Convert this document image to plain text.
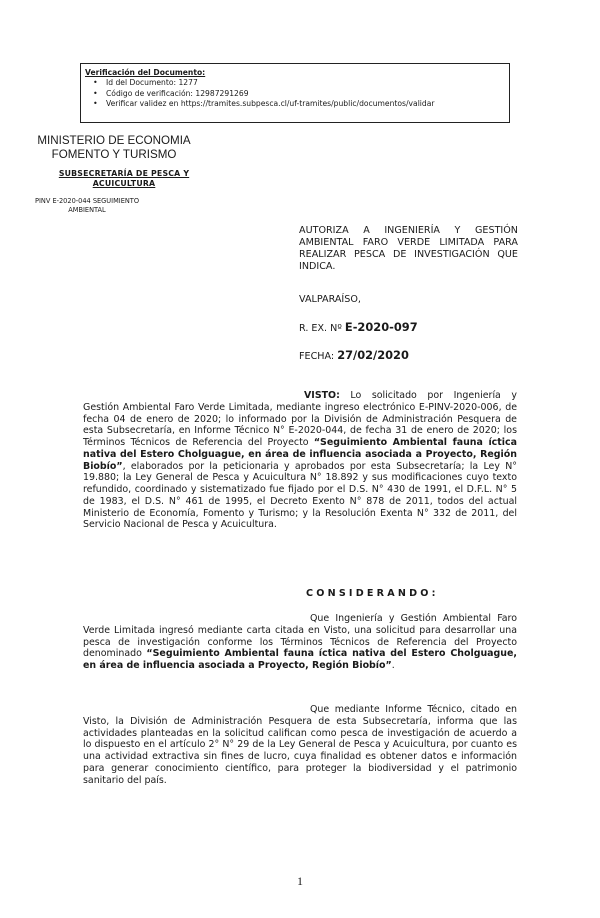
Verificación del Documento:
• Id del Documento: 1277
• Código de verificación: 12987291269
• Verificar validez en https://tramites.subpesca.cl/uf-tramites/public/documentos/validar
MINISTERIO DE ECONOMIA
FOMENTO Y TURISMO
SUBSECRETARÍA DE PESCA Y
ACUICULTURA
PINV E-2020-044 SEGUIMIENTO
AMBIENTAL
AUTORIZA A INGENIERÍA Y GESTIÓN AMBIENTAL FARO VERDE LIMITADA PARA REALIZAR PESCA DE INVESTIGACIÓN QUE INDICA.
VALPARAÍSO,
R. EX. Nº E-2020-097
FECHA: 27/02/2020

VISTO: Lo solicitado por Ingeniería y Gestión Ambiental Faro Verde Limitada, mediante ingreso electrónico E-PINV-2020-006, de fecha 04 de enero de 2020; lo informado por la División de Administración Pesquera de esta Subsecretaría, en Informe Técnico N° E-2020-044, de fecha 31 de enero de 2020; los Términos Técnicos de Referencia del Proyecto “Seguimiento Ambiental fauna íctica nativa del Estero Cholguague, en área de influencia asociada a Proyecto, Región Biobío”, elaborados por la peticionaria y aprobados por esta Subsecretaría; la Ley N° 19.880; la Ley General de Pesca y Acuicultura N° 18.892 y sus modificaciones cuyo texto refundido, coordinado y sistematizado fue fijado por el D.S. N° 430 de 1991, el D.F.L. N° 5 de 1983, el D.S. N° 461 de 1995, el Decreto Exento N° 878 de 2011, todos del actual Ministerio de Economía, Fomento y Turismo; y la Resolución Exenta N° 332 de 2011, del Servicio Nacional de Pesca y Acuicultura.

CONSIDERANDO:

Que Ingeniería y Gestión Ambiental Faro Verde Limitada ingresó mediante carta citada en Visto, una solicitud para desarrollar una pesca de investigación conforme los Términos Técnicos de Referencia del Proyecto denominado “Seguimiento Ambiental fauna íctica nativa del Estero Cholguague, en área de influencia asociada a Proyecto, Región Biobío”.

Que mediante Informe Técnico, citado en Visto, la División de Administración Pesquera de esta Subsecretaría, informa que las actividades planteadas en la solicitud califican como pesca de investigación de acuerdo a lo dispuesto en el artículo 2° N° 29 de la Ley General de Pesca y Acuicultura, por cuanto es una actividad extractiva sin fines de lucro, cuya finalidad es obtener datos e información para generar conocimiento científico, para proteger la biodiversidad y el patrimonio sanitario del país.

1
